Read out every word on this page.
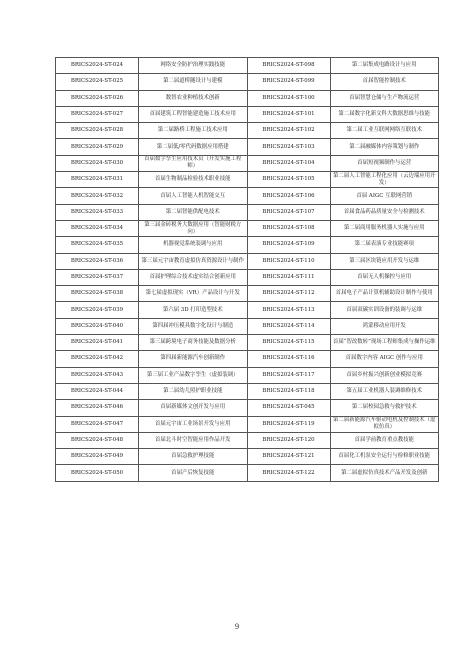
BRICS2024-ST-024	网络安全防护治理实践技能	BRICS2024-ST-098	第二届集成电路设计与应用
BRICS2024-ST-025	第二届道桥隧设计与建模	BRICS2024-ST-099	首届智能控制技术
BRICS2024-ST-026	数智农业种植技术创新	BRICS2024-ST-100	首届智慧仓储与生产物流运营
BRICS2024-ST-027	首届建筑工程智能建造施工技术应用	BRICS2024-ST-101	第二届数字化新文科大数据思维与技能
BRICS2024-ST-028	第二届路桥工程施工技术应用	BRICS2024-ST-102	第二届工业互联网网络互联技术
BRICS2024-ST-029	第二届低/零代码数据应用搭建	BRICS2024-ST-103	第二届融媒体内容策划与制作
BRICS2024-ST-030	首届数字孪生应用技术员（开发实施工程师）	BRICS2024-ST-104	首届短视频制作与运营
BRICS2024-ST-031	首届生物制品检验技术职业技能	BRICS2024-ST-105	第二届人工智能工程化应用（云边端应用开发）
BRICS2024-ST-032	首届人工智能人机智能交互	BRICS2024-ST-106	首届 AIGC 互联网营销
BRICS2024-ST-033	第二届智能供配电技术	BRICS2024-ST-107	首届食品药品质量安全与检测技术
BRICS2024-ST-034	第三届金砖税务大数据应用（智能财税方向）	BRICS2024-ST-108	第二届商用服务机器人实施与应用
BRICS2024-ST-035	机器视觉系统装调与应用	BRICS2024-ST-109	第二届表演专业技能赛项
BRICS2024-ST-036	第三届元宇宙教育虚拟仿真资源设计与制作	BRICS2024-ST-110	第三届区块链应用开发与运维
BRICS2024-ST-037	首届护理综合技术虚实结合创新应用	BRICS2024-ST-111	首届无人机操控与应用
BRICS2024-ST-038	第七届虚拟现实（VR）产品设计与开发	BRICS2024-ST-112	首届电子产品计算机辅助设计制作与使用
BRICS2024-ST-039	第六届 3D 打印造型技术	BRICS2024-ST-113	首届双碳实训设备的装调与运维
BRICS2024-ST-040	第四届冲压模具数字化设计与制造	BRICS2024-ST-114	鸿蒙移动应用开发
BRICS2024-ST-041	第三届跨境电子商务技能及数据分析	BRICS2024-ST-115	首届“智改数转”现场工程师集成与操作运维
BRICS2024-ST-042	第四届新能源汽车创新制作	BRICS2024-ST-116	首届数字内容 AIGC 创作与应用
BRICS2024-ST-043	第三届工业产品数字孪生（虚拟装调）	BRICS2024-ST-117	首届乡村振兴创新创业模拟竞赛
BRICS2024-ST-044	第二届幼儿照护职业技能	BRICS2024-ST-118	第五届工业机器人装调维修技术
BRICS2024-ST-046	首届新媒体文创开发与应用	BRICS2024-ST-045	第二届校园急救与救护技术
BRICS2024-ST-047	首届元宇宙工业场景开发与应用	BRICS2024-ST-119	第二届新能源汽车驱动电机及控制技术（虚拟仿真）
BRICS2024-ST-048	首届北斗时空智能应用作品开发	BRICS2024-ST-120	首届学前教育重点教技能
BRICS2024-ST-049	首届急救护理技能	BRICS2024-ST-121	首届化工机泵安全运行与检修职业技能
BRICS2024-ST-050	首届产后恢复技能	BRICS2024-ST-122	第二届虚拟仿真技术产品开发及创新
9
